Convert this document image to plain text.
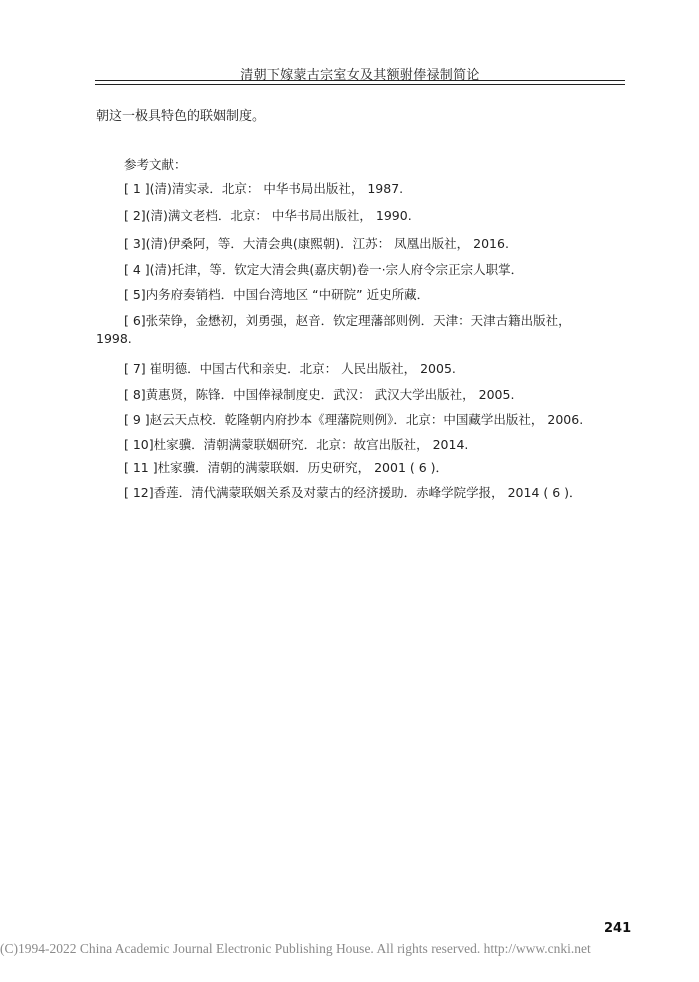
清朝下嫁蒙古宗室女及其额驸俸禄制简论
朝这一极具特色的联姻制度。
参考文献：
[ 1 ](清)清实录．北京： 中华书局出版社， 1987.
[ 2](清)满文老档．北京： 中华书局出版社， 1990.
[ 3](清)伊桑阿，等．大清会典(康熙朝)．江苏： 凤凰出版社， 2016.
[ 4 ](清)托津，等．钦定大清会典(嘉庆朝)卷一·宗人府令宗正宗人职掌．
[ 5]内务府奏销档．中国台湾地区 “中研院” 近史所藏．
[ 6]张荣铮，金懋初，刘勇强，赵音．钦定理藩部则例．天津：天津古籍出版社，
1998.
[ 7] 崔明德．中国古代和亲史．北京： 人民出版社， 2005.
[ 8]黄惠贤，陈锋．中国俸禄制度史．武汉： 武汉大学出版社， 2005.
[ 9 ]赵云天点校．乾隆朝内府抄本《理藩院则例》．北京：中国藏学出版社， 2006.
[ 10]杜家骥．清朝满蒙联姻研究．北京：故宫出版社， 2014.
[ 11 ]杜家骥．清朝的满蒙联姻．历史研究， 2001 ( 6 )．
[ 12]香莲．清代满蒙联姻关系及对蒙古的经济援助．赤峰学院学报， 2014 ( 6 )．
241
(C)1994-2022 China Academic Journal Electronic Publishing House. All rights reserved. http://www.cnki.net
